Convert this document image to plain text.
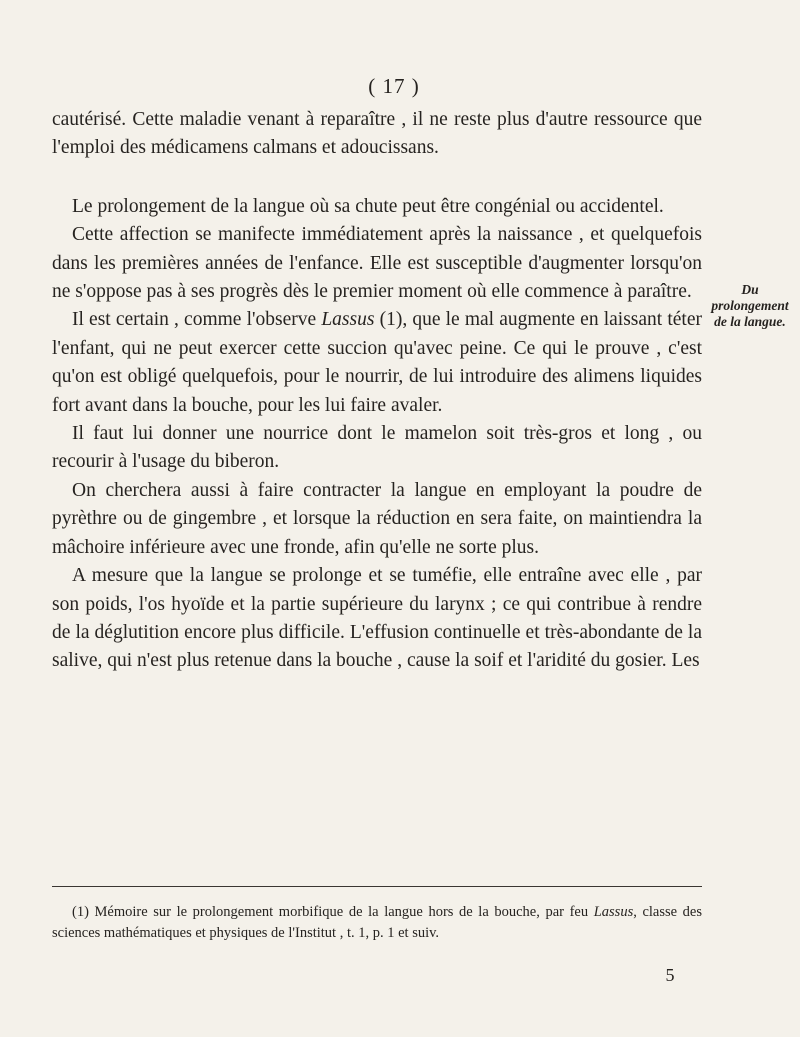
( 17 )
Du
prolongement
de la langue.

cautérisé. Cette maladie venant à reparaître , il ne reste plus d'autre ressource que l'emploi des médicamens calmans et adoucissans.

Le prolongement de la langue où sa chute peut être congénial ou accidentel.

Cette affection se manifecte immédiatement après la naissance , et quelquefois dans les premières années de l'enfance. Elle est susceptible d'augmenter lorsqu'on ne s'oppose pas à ses progrès dès le premier moment où elle commence à paraître.

Il est certain , comme l'observe Lassus (1), que le mal augmente en laissant téter l'enfant, qui ne peut exercer cette succion qu'avec peine. Ce qui le prouve , c'est qu'on est obligé quelquefois, pour le nourrir, de lui introduire des alimens liquides fort avant dans la bouche, pour les lui faire avaler.

Il faut lui donner une nourrice dont le mamelon soit très-gros et long , ou recourir à l'usage du biberon.

On cherchera aussi à faire contracter la langue en employant la poudre de pyrèthre ou de gingembre , et lorsque la réduction en sera faite, on maintiendra la mâchoire inférieure avec une fronde, afin qu'elle ne sorte plus.

A mesure que la langue se prolonge et se tuméfie, elle entraîne avec elle , par son poids, l'os hyoïde et la partie supérieure du larynx ; ce qui contribue à rendre de la déglutition encore plus difficile. L'effusion continuelle et très-abondante de la salive, qui n'est plus retenue dans la bouche , cause la soif et l'aridité du gosier. Les

(1) Mémoire sur le prolongement morbifique de la langue hors de la bouche, par feu Lassus, classe des sciences mathématiques et physiques de l'Institut , t. 1, p. 1 et suiv.

5
